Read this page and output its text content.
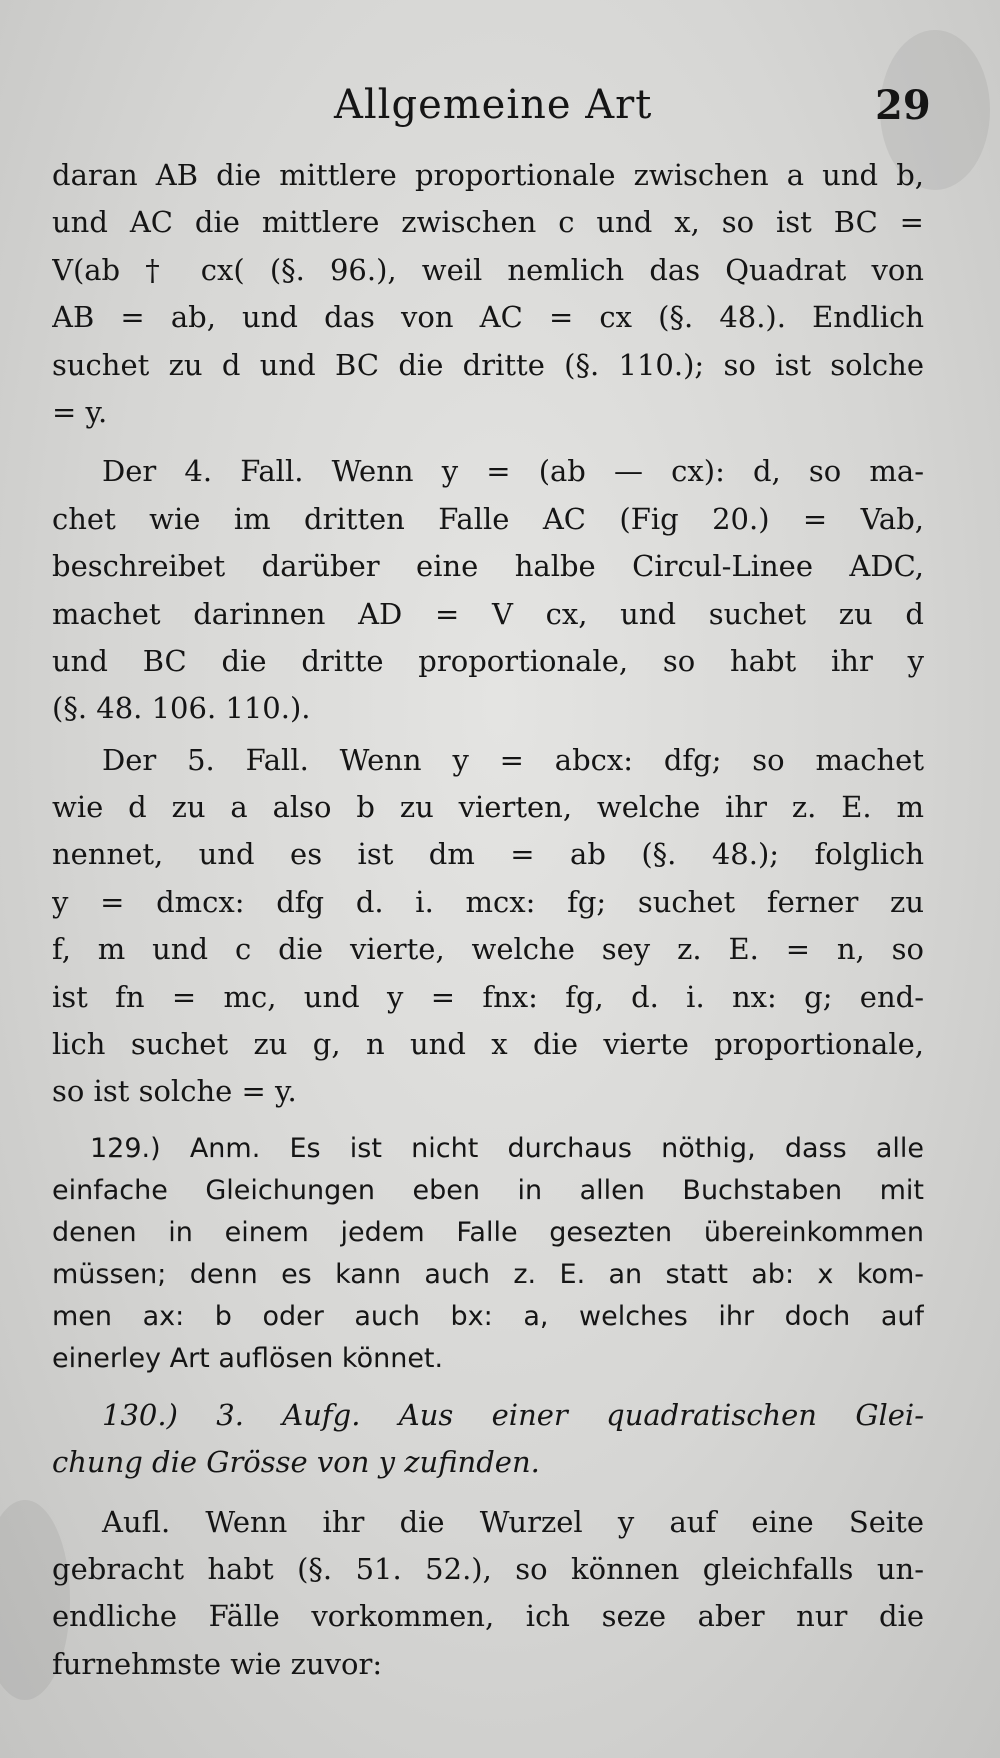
Allgemeine Art	29
daran AB die mittlere proportionale zwischen a und b,
und AC die mittlere zwischen c und x, so ist BC =
V(ab † cx( (§. 96.), weil nemlich das Quadrat von
AB = ab, und das von AC = cx (§. 48.). Endlich
suchet zu d und BC die dritte (§. 110.); so ist solche
= y.
Der 4. Fall. Wenn y = (ab — cx): d, so ma-
chet wie im dritten Falle AC (Fig 20.) = Vab,
beschreibet darüber eine halbe Circul-Linee ADC,
machet darinnen AD = V cx, und suchet zu d
und BC die dritte proportionale, so habt ihr y
(§. 48. 106. 110.).
Der 5. Fall. Wenn y = abcx: dfg; so machet
wie d zu a also b zu vierten, welche ihr z. E. m
nennet, und es ist dm = ab (§. 48.); folglich
y = dmcx: dfg d. i. mcx: fg; suchet ferner zu
f, m und c die vierte, welche sey z. E. = n, so
ist fn = mc, und y = fnx: fg, d. i. nx: g; end-
lich suchet zu g, n und x die vierte proportionale,
so ist solche = y.
129.) Anm. Es ist nicht durchaus nöthig, dass alle
einfache Gleichungen eben in allen Buchstaben mit
denen in einem jedem Falle gesezten übereinkommen
müssen; denn es kann auch z. E. an statt ab: x kom-
men ax: b oder auch bx: a, welches ihr doch auf
einerley Art auflösen könnet.
130.) 3. Aufg. Aus einer quadratischen Glei-
chung die Grösse von y zufinden.
Aufl. Wenn ihr die Wurzel y auf eine Seite
gebracht habt (§. 51. 52.), so können gleichfalls un-
endliche Fälle vorkommen, ich seze aber nur die
furnehmste wie zuvor:
